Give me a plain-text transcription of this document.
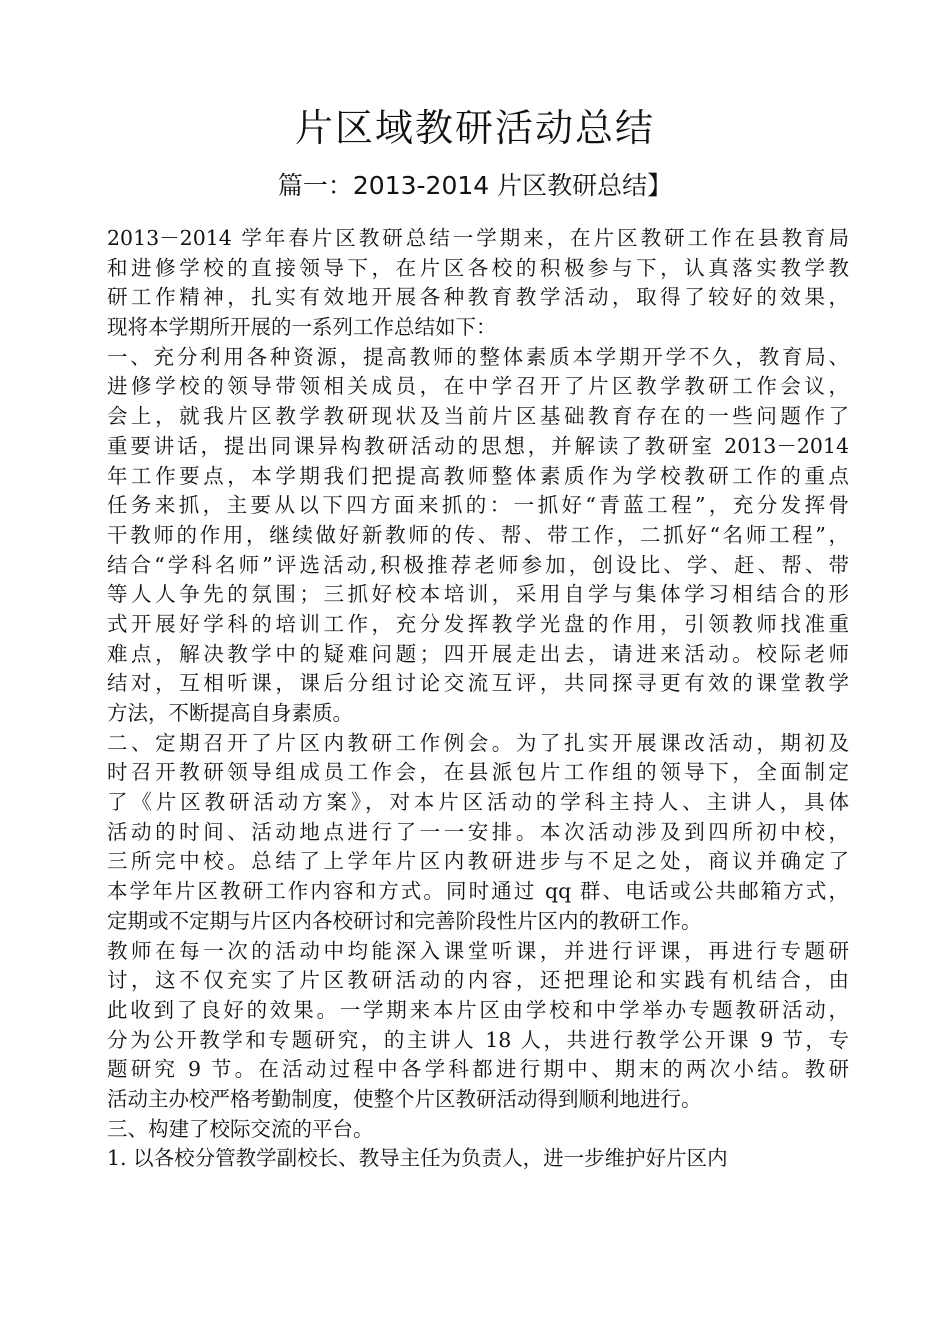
片区域教研活动总结
篇一：2013-2014 片区教研总结】
2013－2014 学年春片区教研总结一学期来，在片区教研工作在县教育局
和进修学校的直接领导下，在片区各校的积极参与下，认真落实教学教
研工作精神，扎实有效地开展各种教育教学活动，取得了较好的效果，
现将本学期所开展的一系列工作总结如下：
一、充分利用各种资源，提高教师的整体素质本学期开学不久，教育局、
进修学校的领导带领相关成员，在中学召开了片区教学教研工作会议，
会上，就我片区教学教研现状及当前片区基础教育存在的一些问题作了
重要讲话，提出同课异构教研活动的思想，并解读了教研室 2013－2014
年工作要点，本学期我们把提高教师整体素质作为学校教研工作的重点
任务来抓，主要从以下四方面来抓的：一抓好“青蓝工程”，充分发挥骨
干教师的作用，继续做好新教师的传、帮、带工作，二抓好“名师工程”，
结合“学科名师”评选活动,积极推荐老师参加，创设比、学、赶、帮、带
等人人争先的氛围；三抓好校本培训，采用自学与集体学习相结合的形
式开展好学科的培训工作，充分发挥教学光盘的作用，引领教师找准重
难点，解决教学中的疑难问题；四开展走出去，请进来活动。校际老师
结对，互相听课，课后分组讨论交流互评，共同探寻更有效的课堂教学
方法，不断提高自身素质。
二、定期召开了片区内教研工作例会。为了扎实开展课改活动，期初及
时召开教研领导组成员工作会，在县派包片工作组的领导下，全面制定
了《片区教研活动方案》，对本片区活动的学科主持人、主讲人，具体
活动的时间、活动地点进行了一一安排。本次活动涉及到四所初中校，
三所完中校。总结了上学年片区内教研进步与不足之处，商议并确定了
本学年片区教研工作内容和方式。同时通过 qq 群、电话或公共邮箱方式，
定期或不定期与片区内各校研讨和完善阶段性片区内的教研工作。
教师在每一次的活动中均能深入课堂听课，并进行评课，再进行专题研
讨，这不仅充实了片区教研活动的内容，还把理论和实践有机结合，由
此收到了良好的效果。一学期来本片区由学校和中学举办专题教研活动，
分为公开教学和专题研究，的主讲人 18 人，共进行教学公开课 9 节，专
题研究 9 节。在活动过程中各学科都进行期中、期末的两次小结。教研
活动主办校严格考勤制度，使整个片区教研活动得到顺利地进行。
三、构建了校际交流的平台。
1. 以各校分管教学副校长、教导主任为负责人，进一步维护好片区内
